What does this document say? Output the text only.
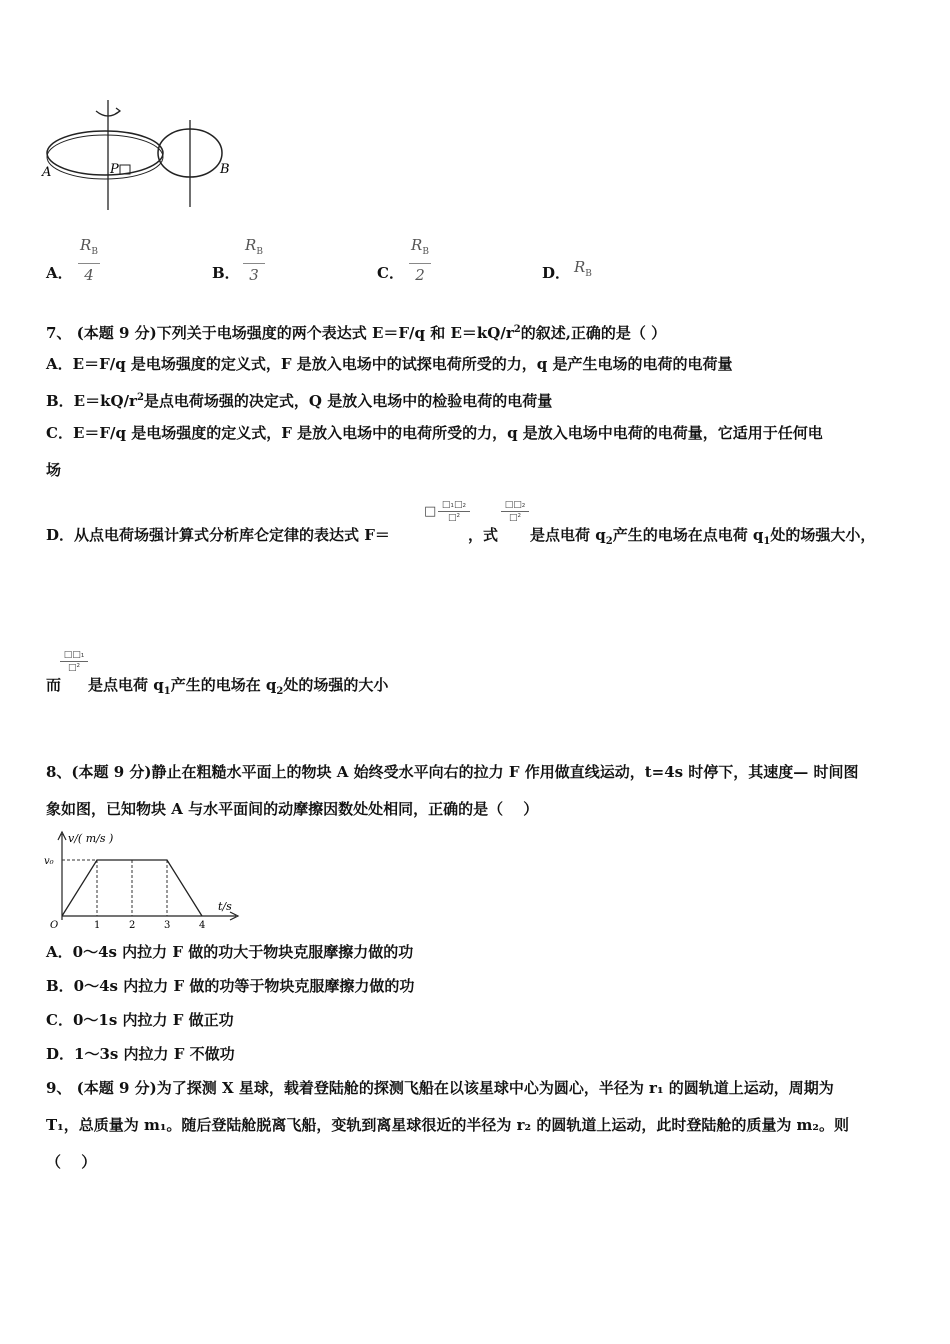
A	P	B
A．
$R_B$
4	B．
$R_B$
3	C．
$R_B$
2	D． $R_B$
7、 (本题 9 分)下列关于电场强度的两个表达式 E＝F/q 和 $E=kQ/r^2$的叙述,正确的是（ ）
A．E＝F/q 是电场强度的定义式，F 是放入电场中的试探电荷所受的力，q 是产生电场的电荷的电荷量
B．$E=kQ/r^2$是点电荷场强的决定式，Q 是放入电场中的检验电荷的电荷量
C．E＝F/q 是电场强度的定义式，F 是放入电场中的电荷所受的力，q 是放入电场中电荷的电荷量，它适用于任何电
场
D．从点电荷场强计算式分析库仑定律的表达式 F＝
□ □₁□₂
□²
，式
□□₂
□²
是点电荷 $q_2$产生的电场在点电荷 $q_1$处的场强大小，
□□₁
□²
而 是点电荷 $q_1$产生的电场在 $q_2$处的场强的大小
8、(本题 9 分)静止在粗糙水平面上的物块 A 始终受水平向右的拉力 F 作用做直线运动，t=4s 时停下，其速度— 时间图
象如图，已知物块 A 与水平面间的动摩擦因数处处相同，正确的是（　 ）
1	2	3	4
v/( m/s )
t/s
v₀
O
A．0～4s 内拉力 F 做的功大于物块克服摩擦力做的功
B．0～4s 内拉力 F 做的功等于物块克服摩擦力做的功
C．0～1s 内拉力 F 做正功
D．1～3s 内拉力 F 不做功
9、 (本题 9 分)为了探测 X 星球，载着登陆舱的探测飞船在以该星球中心为圆心，半径为 r₁ 的圆轨道上运动，周期为
T₁，总质量为 m₁。随后登陆舱脱离飞船，变轨到离星球很近的半径为 r₂ 的圆轨道上运动，此时登陆舱的质量为 m₂。则
（　 ）
